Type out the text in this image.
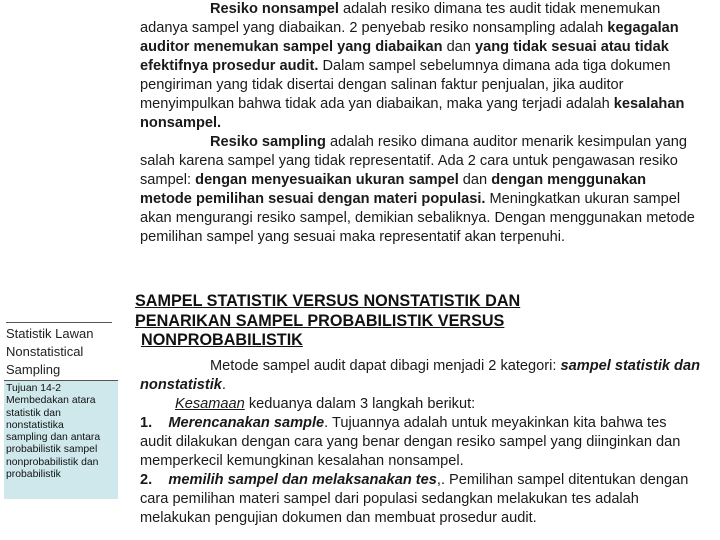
Resiko nonsampel adalah resiko dimana tes audit tidak menemukan adanya sampel yang diabaikan. 2 penyebab resiko nonsampling adalah kegagalan auditor menemukan sampel yang diabaikan dan yang tidak sesuai atau tidak efektifnya prosedur audit. Dalam sampel sebelumnya dimana ada tiga dokumen pengiriman yang tidak disertai dengan salinan faktur penjualan, jika auditor menyimpulkan bahwa tidak ada yan diabaikan, maka yang terjadi adalah kesalahan nonsampel.
Resiko sampling adalah resiko dimana auditor menarik kesimpulan yang salah karena sampel yang tidak representatif. Ada 2 cara untuk pengawasan resiko sampel: dengan menyesuaikan ukuran sampel dan dengan menggunakan metode pemilihan sesuai dengan materi populasi. Meningkatkan ukuran sampel akan mengurangi resiko sampel, demikian sebaliknya. Dengan menggunakan metode pemilihan sampel yang sesuai maka representatif akan terpenuhi.
Statistik Lawan
Nonstatistical
Sampling
Tujuan 14-2
Membedakan atara
statistik dan
nonstatistika
sampling dan antara
probabilistik sampel
nonprobabilistik dan
probabilistik
SAMPEL STATISTIK VERSUS NONSTATISTIK DAN
PENARIKAN SAMPEL PROBABILISTIK VERSUS
NONPROBABILISTIK
Metode sampel audit dapat dibagi menjadi 2 kategori: sampel statistik dan nonstatistik.
Kesamaan keduanya dalam 3 langkah berikut:
1. Merencanakan sample. Tujuannya adalah untuk meyakinkan kita bahwa tes audit dilakukan dengan cara yang benar dengan resiko sampel yang diinginkan dan memperkecil kemungkinan kesalahan nonsampel.
2. memilih sampel dan melaksanakan tes,. Pemilihan sampel ditentukan dengan cara pemilihan materi sampel dari populasi sedangkan melakukan tes adalah melakukan pengujian dokumen dan membuat prosedur audit.
